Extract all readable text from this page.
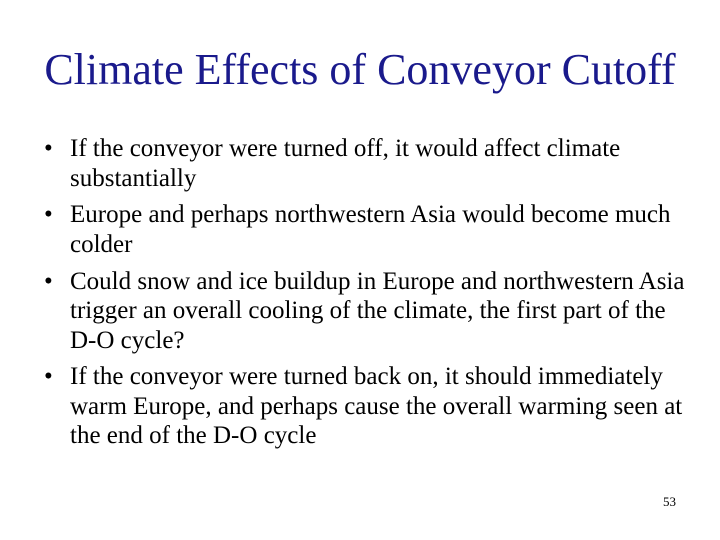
Climate Effects of Conveyor Cutoff
• If the conveyor were turned off, it would affect climate substantially
• Europe and perhaps northwestern Asia would become much colder
• Could snow and ice buildup in Europe and northwestern Asia trigger an overall cooling of the climate, the first part of the D-O cycle?
• If the conveyor were turned back on, it should immediately warm Europe, and perhaps cause the overall warming seen at the end of the D-O cycle
53
